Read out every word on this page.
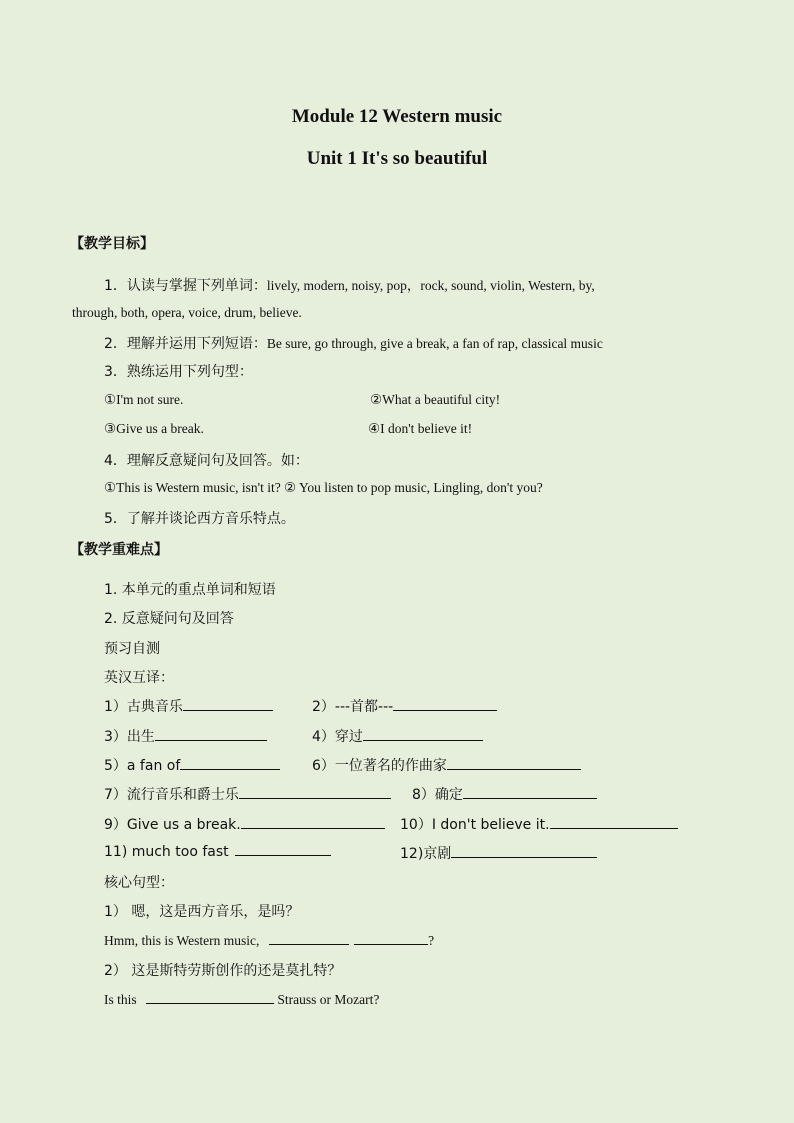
Module 12 Western music
Unit 1 It's so beautiful
【教学目标】
1．认读与掌握下列单词：lively, modern, noisy, pop，rock, sound, violin, Western, by,
through, both, opera, voice, drum, believe.
2．理解并运用下列短语：Be sure, go through, give a break, a fan of rap, classical music
3．熟练运用下列句型：
①I'm not sure.	②What a beautiful city!
③Give us a break.	④I don't believe it!
4．理解反意疑问句及回答。如：
①This is Western music, isn't it? ② You listen to pop music, Lingling, don't you?
5．了解并谈论西方音乐特点。
【教学重难点】
1. 本单元的重点单词和短语
2. 反意疑问句及回答
预习自测
英汉互译：
1）古典音乐	2）---首都---
3）出生	4）穿过
5）a fan of	6）一位著名的作曲家
7）流行音乐和爵士乐	8）确定
9）Give us a break.	10）I don't believe it.
11) much too fast	12)京剧
核心句型：
1） 嗯，这是西方音乐，是吗？
Hmm, this is Western music,	?
2） 这是斯特劳斯创作的还是莫扎特？
Is this	Strauss or Mozart?
